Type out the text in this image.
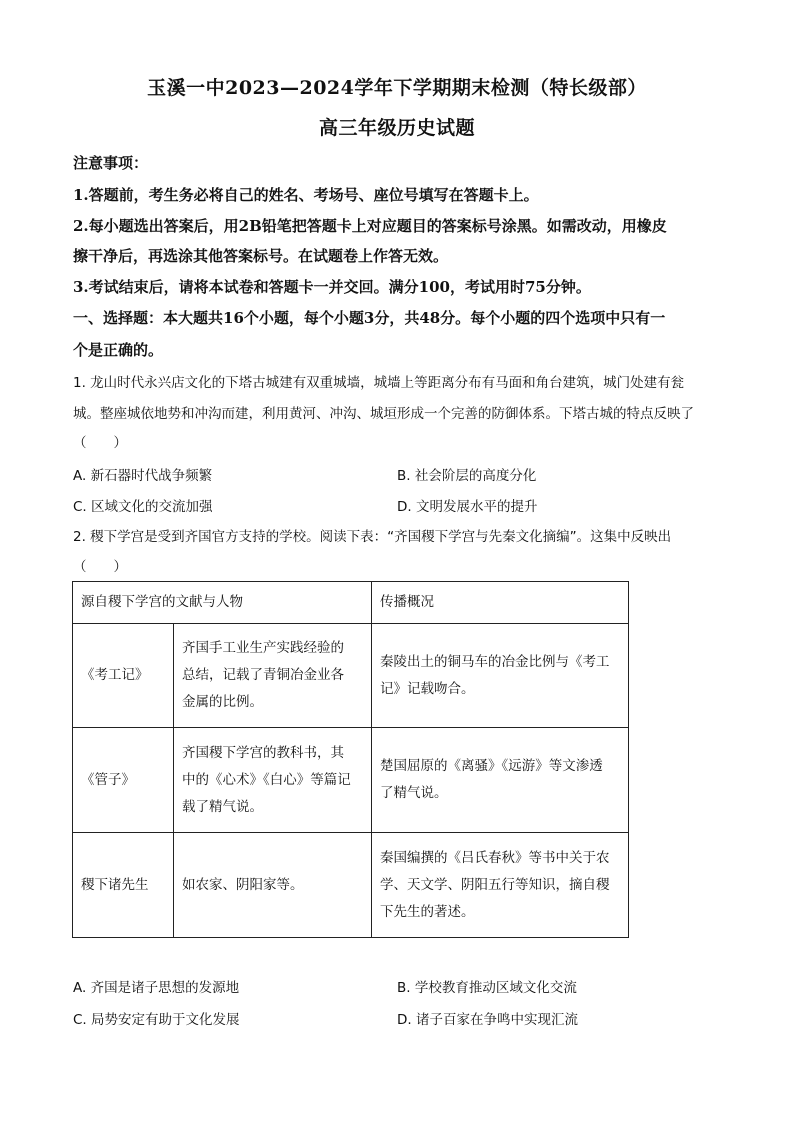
玉溪一中2023—2024学年下学期期末检测（特长级部）
高三年级历史试题
注意事项：
1.答题前，考生务必将自己的姓名、考场号、座位号填写在答题卡上。
2.每小题选出答案后，用2B铅笔把答题卡上对应题目的答案标号涂黑。如需改动，用橡皮
擦干净后，再选涂其他答案标号。在试题卷上作答无效。
3.考试结束后，请将本试卷和答题卡一并交回。满分100，考试用时75分钟。
一、选择题：本大题共16个小题，每个小题3分，共48分。每个小题的四个选项中只有一
个是正确的。
1. 龙山时代永兴店文化的下塔古城建有双重城墙，城墙上等距离分布有马面和角台建筑，城门处建有瓮
城。整座城依地势和冲沟而建，利用黄河、冲沟、城垣形成一个完善的防御体系。下塔古城的特点反映了
（　　）
A. 新石器时代战争频繁	B. 社会阶层的高度分化
C. 区域文化的交流加强	D. 文明发展水平的提升
2. 稷下学宫是受到齐国官方支持的学校。阅读下表：“齐国稷下学宫与先秦文化摘编”。这集中反映出
（　　）
源自稷下学宫的文献与人物		传播概况
《考工记》	齐国手工业生产实践经验的
总结，记载了青铜冶金业各
金属的比例。	秦陵出土的铜马车的冶金比例与《考工
记》记载吻合。

《管子》	齐国稷下学宫的教科书，其
中的《心术》《白心》等篇记
载了精气说。	楚国屈原的《离骚》《远游》等文渗透
了精气说。

稷下诸先生	如农家、阴阳家等。	秦国编撰的《吕氏春秋》等书中关于农
学、天文学、阴阳五行等知识，摘自稷
下先生的著述。
A. 齐国是诸子思想的发源地	B. 学校教育推动区域文化交流
C. 局势安定有助于文化发展	D. 诸子百家在争鸣中实现汇流
